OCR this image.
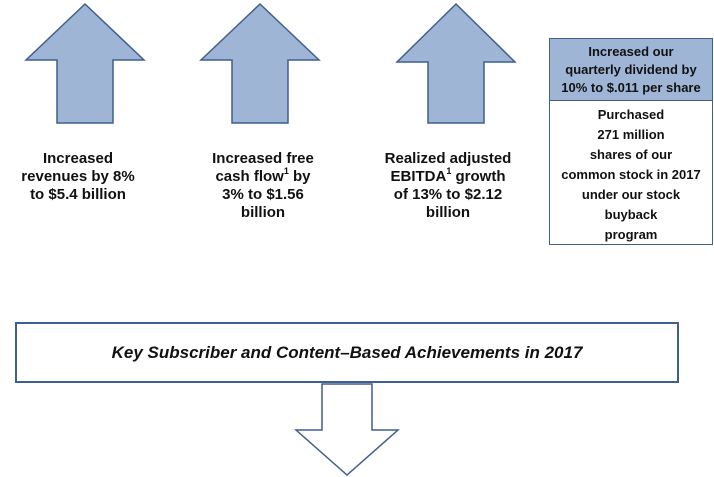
Increased
revenues by 8%
to $5.4 billion
Increased free
cash flow$^1$ by
3% to $1.56
billion
Realized adjusted
EBITDA$^1$ growth
of 13% to $2.12
billion
Increased our
quarterly dividend by
10% to $.011 per share
Purchased
271 million
shares of our
common stock in 2017
under our stock
buyback
program
Key Subscriber and Content–Based Achievements in 2017
